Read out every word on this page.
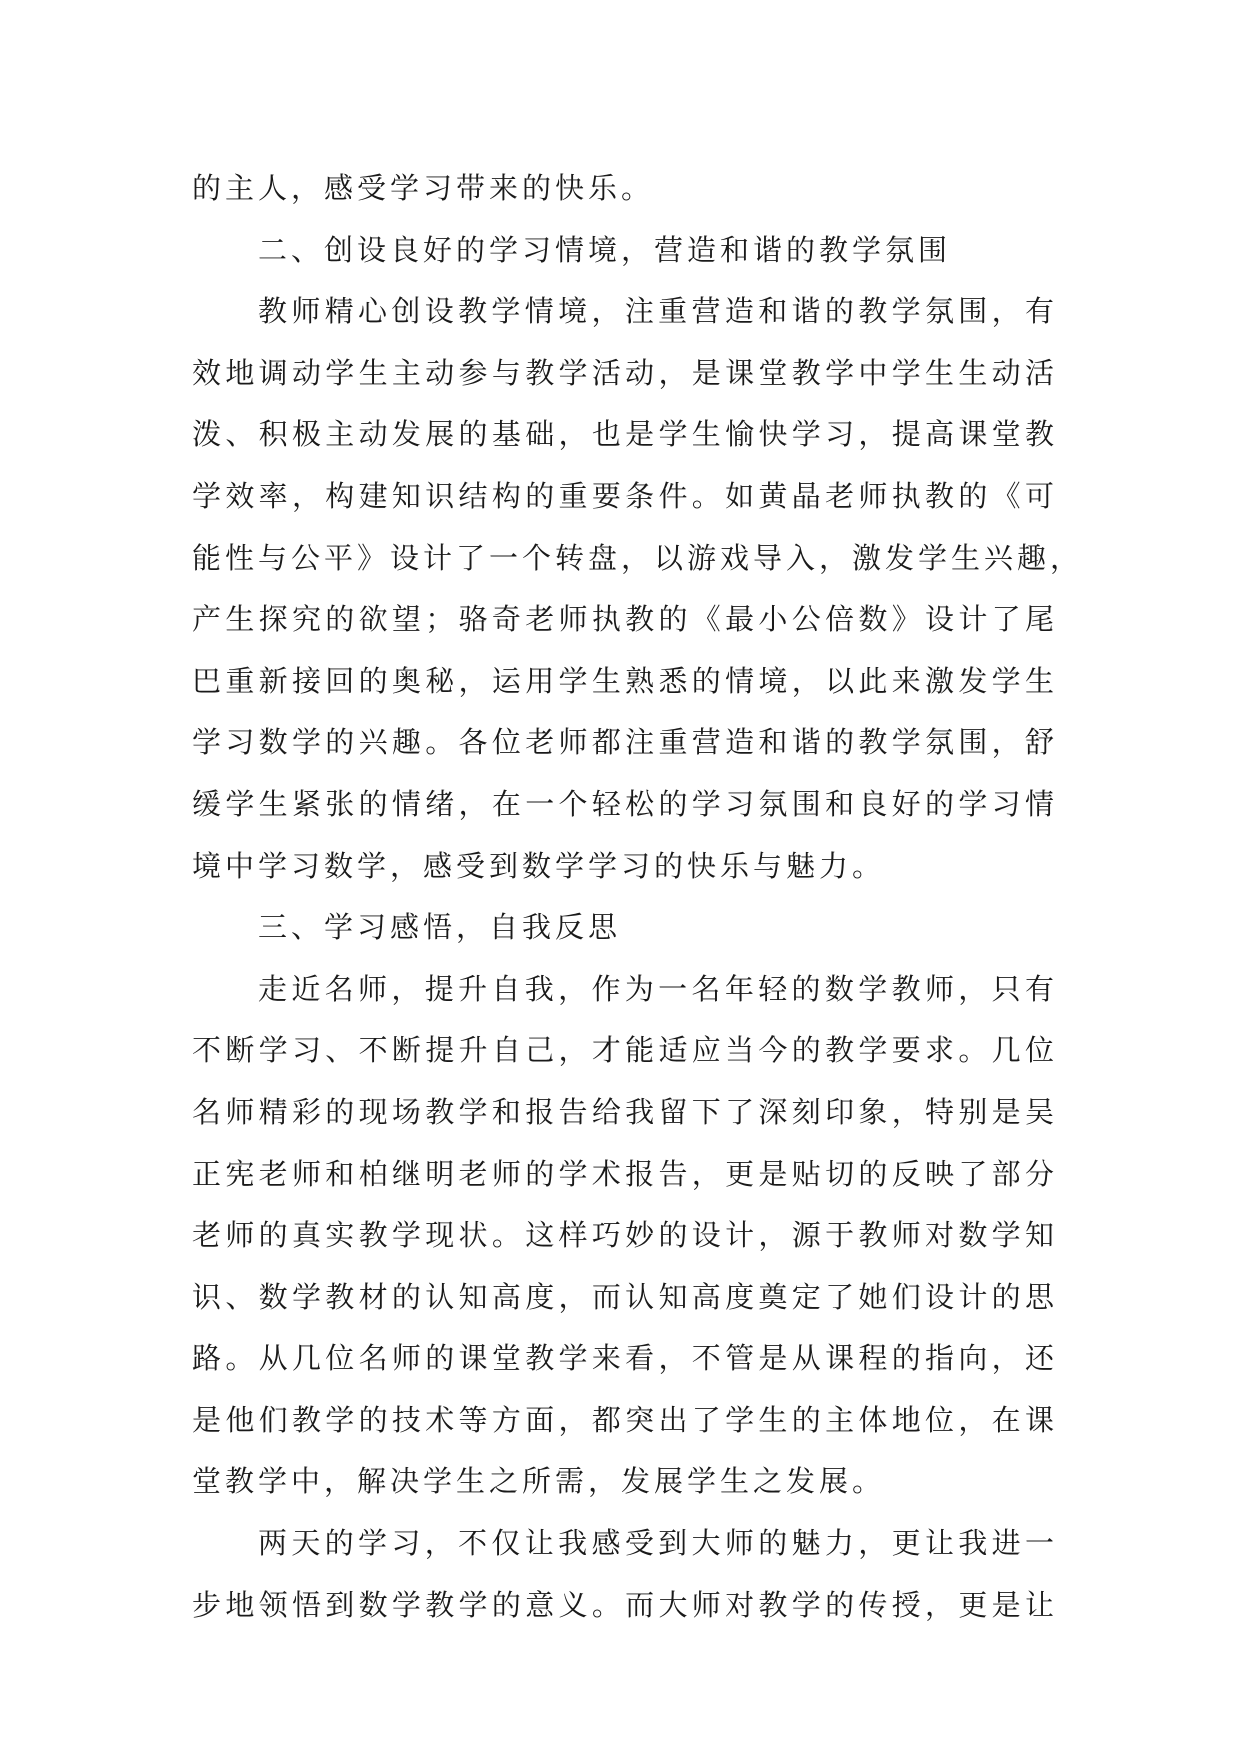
的主人，感受学习带来的快乐。
二、创设良好的学习情境，营造和谐的教学氛围
教师精心创设教学情境，注重营造和谐的教学氛围，有
效地调动学生主动参与教学活动，是课堂教学中学生生动活
泼、积极主动发展的基础，也是学生愉快学习，提高课堂教
学效率，构建知识结构的重要条件。如黄晶老师执教的《可
能性与公平》设计了一个转盘，以游戏导入，激发学生兴趣，
产生探究的欲望；骆奇老师执教的《最小公倍数》设计了尾
巴重新接回的奥秘，运用学生熟悉的情境，以此来激发学生
学习数学的兴趣。各位老师都注重营造和谐的教学氛围，舒
缓学生紧张的情绪，在一个轻松的学习氛围和良好的学习情
境中学习数学，感受到数学学习的快乐与魅力。
三、学习感悟，自我反思
走近名师，提升自我，作为一名年轻的数学教师，只有
不断学习、不断提升自己，才能适应当今的教学要求。几位
名师精彩的现场教学和报告给我留下了深刻印象，特别是吴
正宪老师和柏继明老师的学术报告，更是贴切的反映了部分
老师的真实教学现状。这样巧妙的设计，源于教师对数学知
识、数学教材的认知高度，而认知高度奠定了她们设计的思
路。从几位名师的课堂教学来看，不管是从课程的指向，还
是他们教学的技术等方面，都突出了学生的主体地位，在课
堂教学中，解决学生之所需，发展学生之发展。
两天的学习，不仅让我感受到大师的魅力，更让我进一
步地领悟到数学教学的意义。而大师对教学的传授，更是让
